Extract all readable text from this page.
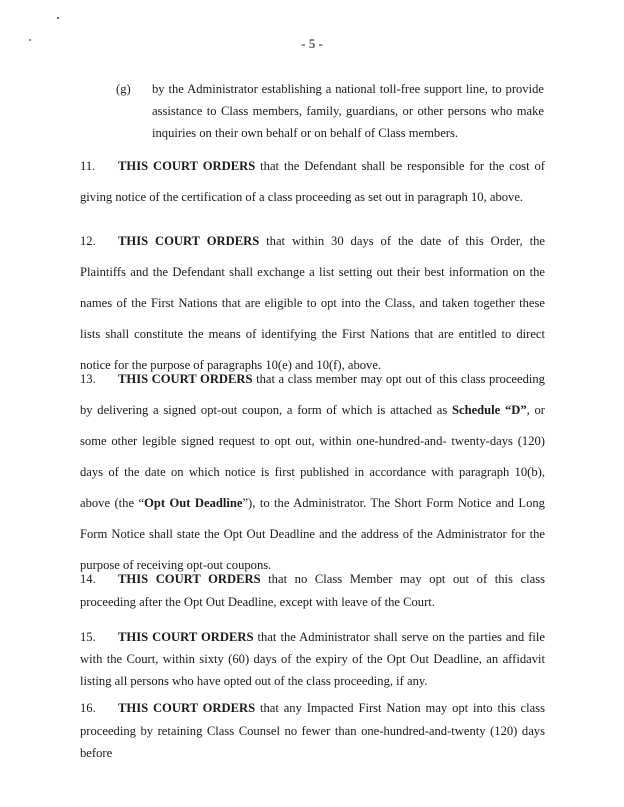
- 5 -
(g) by the Administrator establishing a national toll-free support line, to provide assistance to Class members, family, guardians, or other persons who make inquiries on their own behalf or on behalf of Class members.
11. THIS COURT ORDERS that the Defendant shall be responsible for the cost of giving notice of the certification of a class proceeding as set out in paragraph 10, above.
12. THIS COURT ORDERS that within 30 days of the date of this Order, the Plaintiffs and the Defendant shall exchange a list setting out their best information on the names of the First Nations that are eligible to opt into the Class, and taken together these lists shall constitute the means of identifying the First Nations that are entitled to direct notice for the purpose of paragraphs 10(e) and 10(f), above.
13. THIS COURT ORDERS that a class member may opt out of this class proceeding by delivering a signed opt-out coupon, a form of which is attached as Schedule “D”, or some other legible signed request to opt out, within one-hundred-and- twenty-days (120) days of the date on which notice is first published in accordance with paragraph 10(b), above (the “Opt Out Deadline”), to the Administrator. The Short Form Notice and Long Form Notice shall state the Opt Out Deadline and the address of the Administrator for the purpose of receiving opt-out coupons.
14. THIS COURT ORDERS that no Class Member may opt out of this class proceeding after the Opt Out Deadline, except with leave of the Court.
15. THIS COURT ORDERS that the Administrator shall serve on the parties and file with the Court, within sixty (60) days of the expiry of the Opt Out Deadline, an affidavit listing all persons who have opted out of the class proceeding, if any.
16. THIS COURT ORDERS that any Impacted First Nation may opt into this class proceeding by retaining Class Counsel no fewer than one-hundred-and-twenty (120) days before
